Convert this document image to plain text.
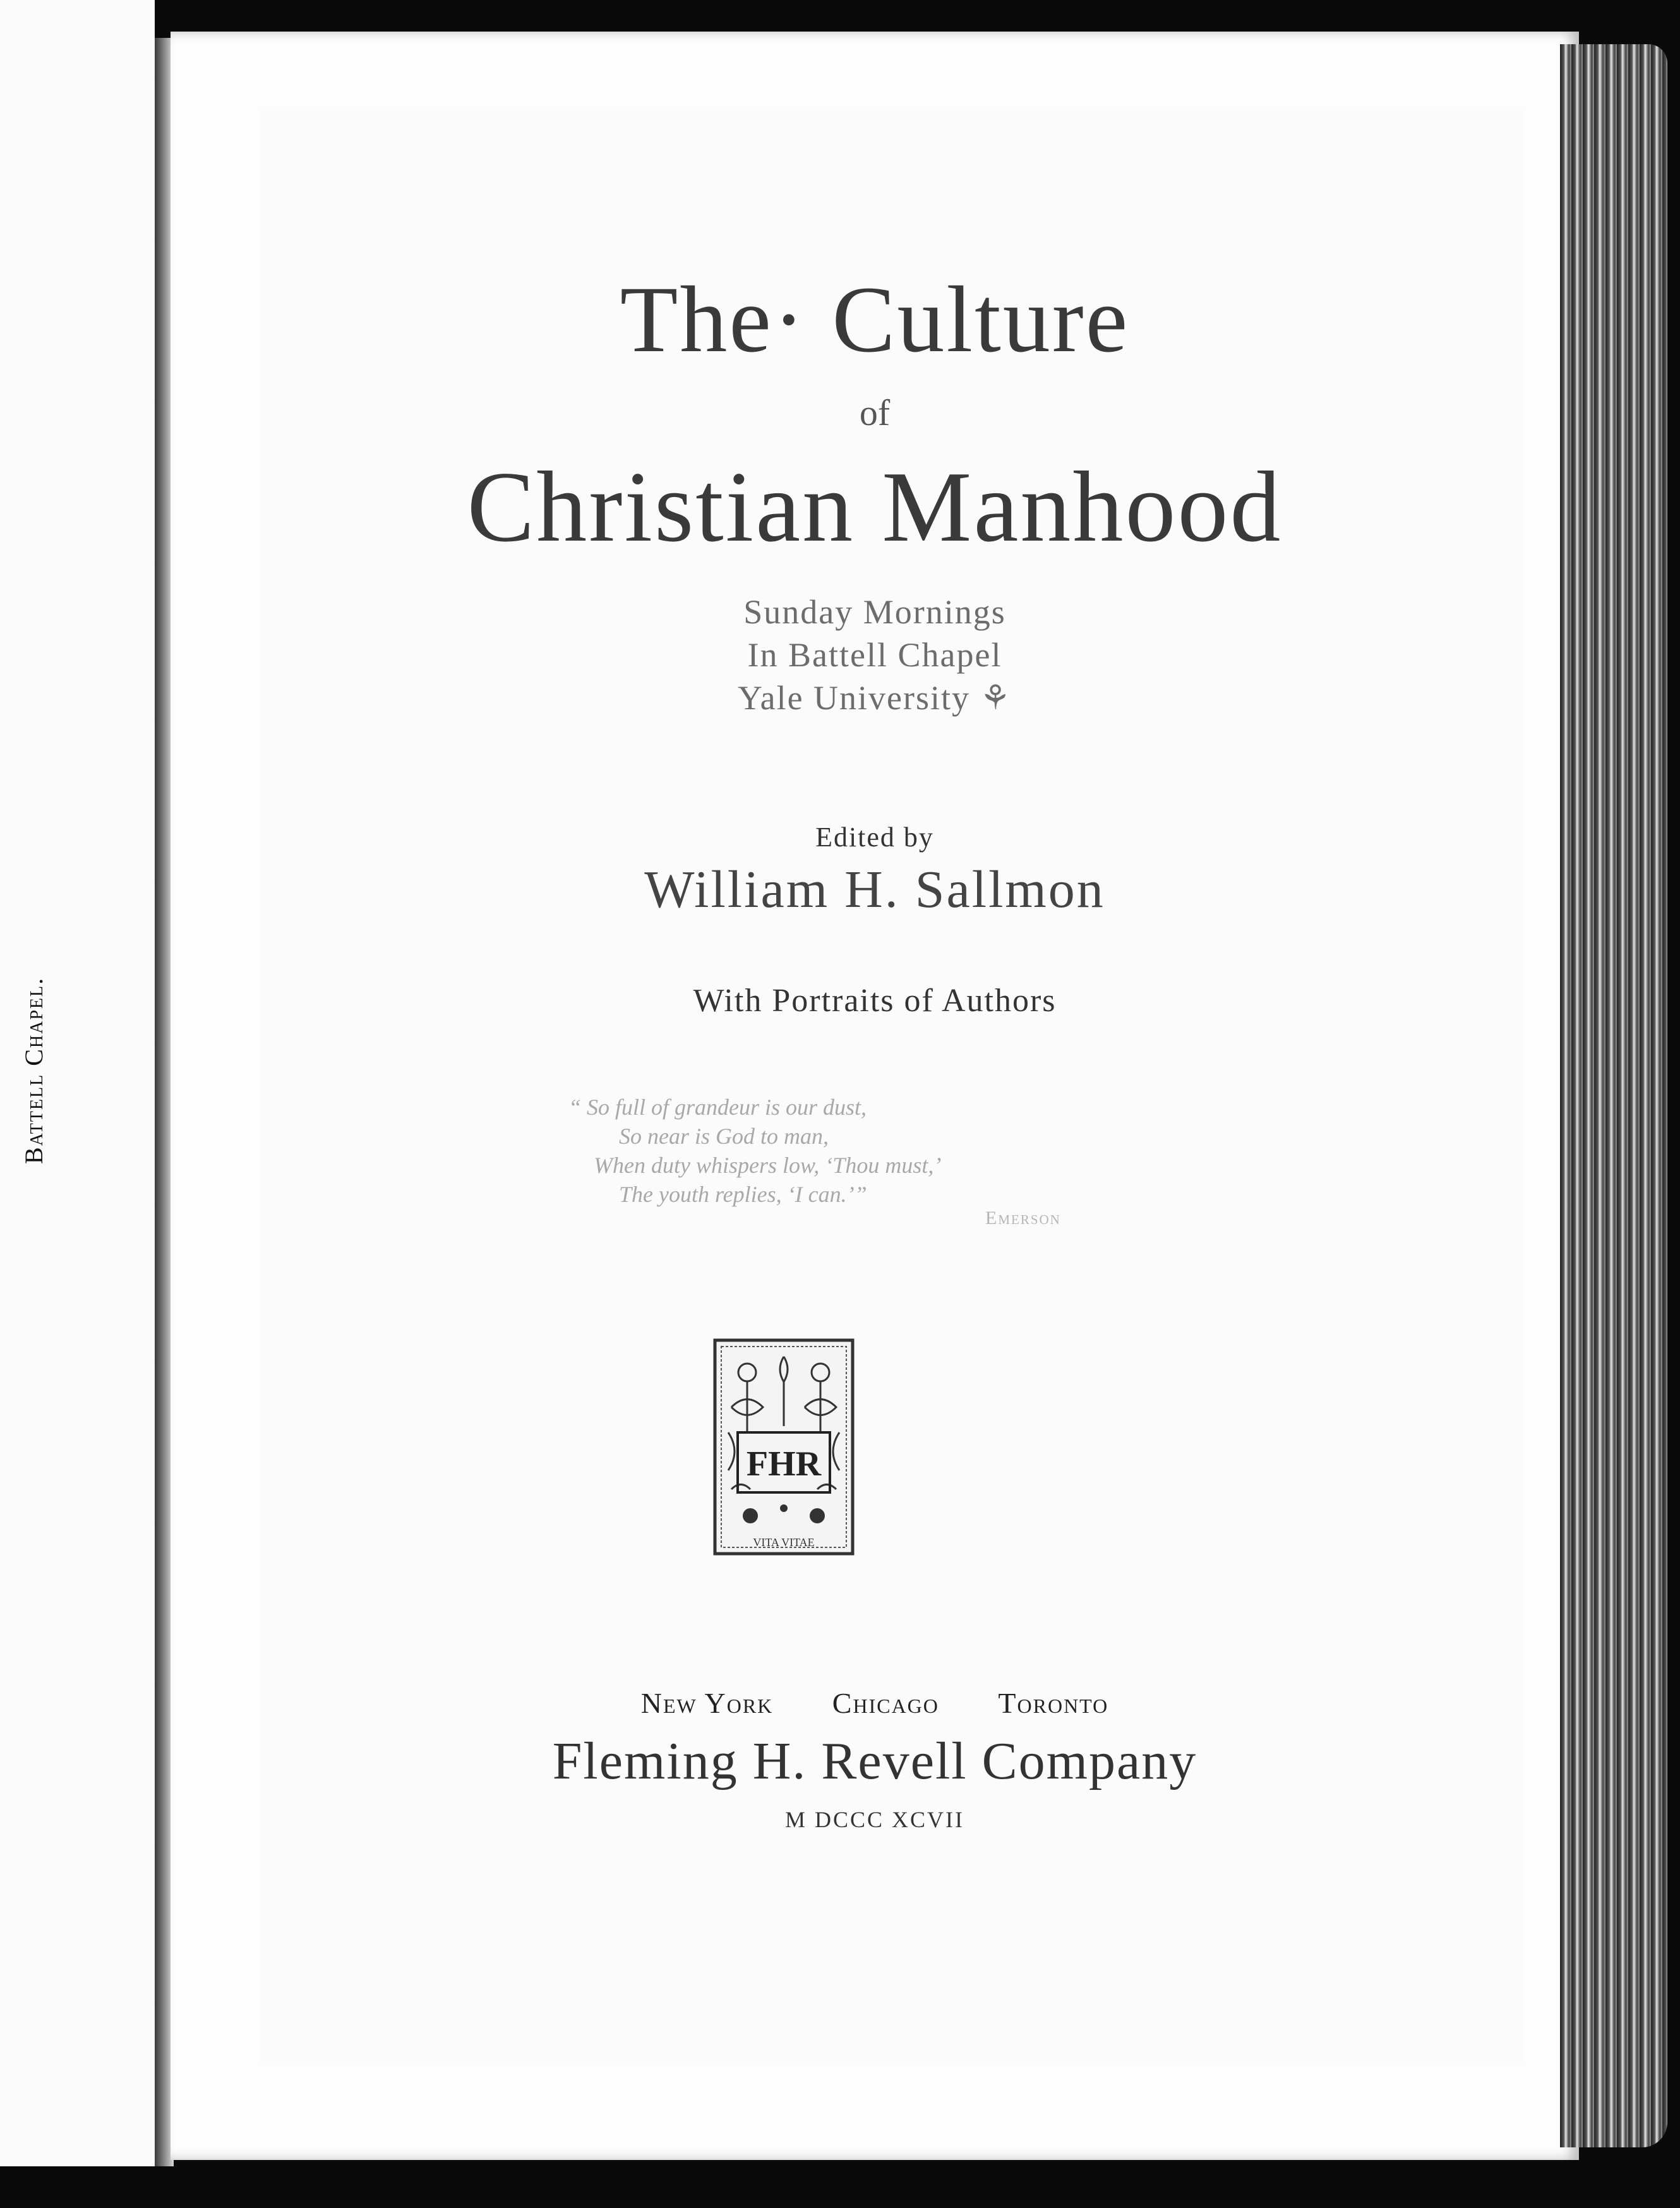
Battell Chapel.
The· Culture
of
Christian Manhood
Sunday Mornings
In Battell Chapel
Yale University ⚘
Edited by
William H. Sallmon
With Portraits of Authors
“ So full of grandeur is our dust,
So near is God to man,
When duty whispers low, ‘Thou must,’
The youth replies, ‘I can.’”
Emerson
FHR
VITA VITAE
New York Chicago Toronto
Fleming H. Revell Company
M DCCC XCVII
